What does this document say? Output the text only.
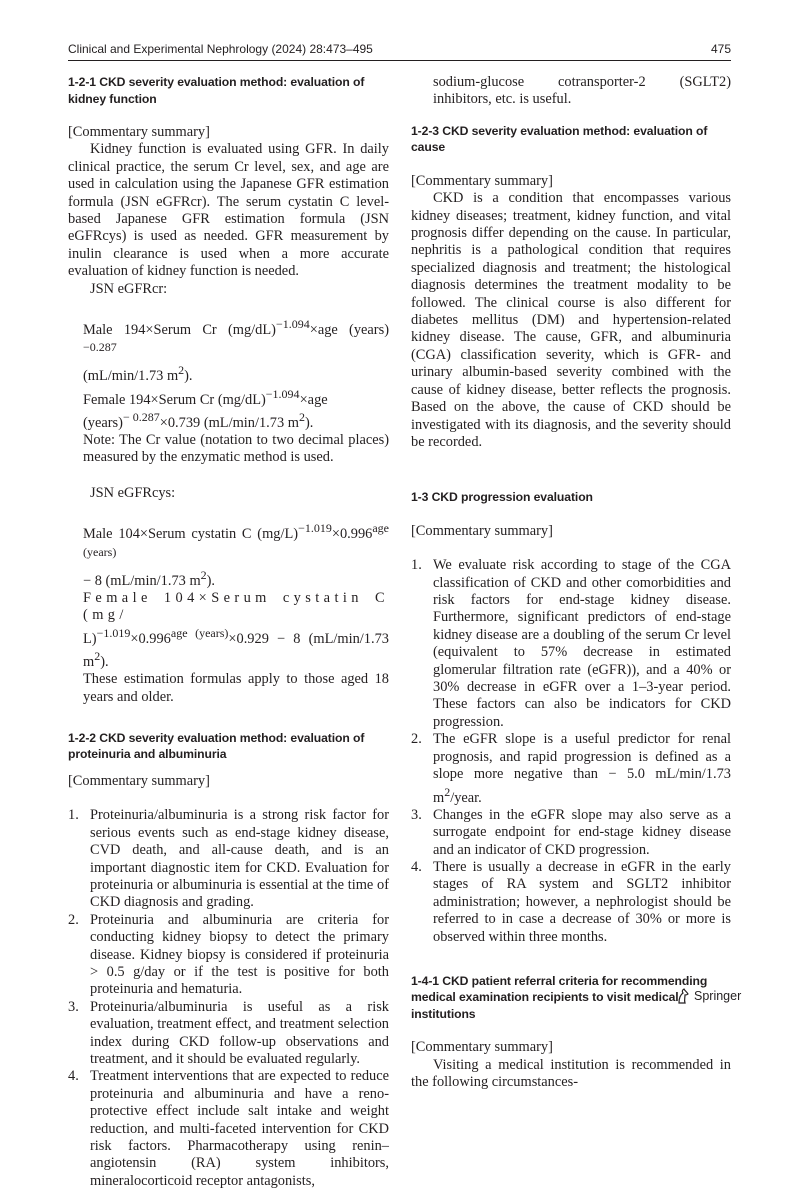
Clinical and Experimental Nephrology (2024) 28:473–495	475
1-2-1 CKD severity evaluation method: evaluation of kidney function

[Commentary summary]

Kidney function is evaluated using GFR. In daily clinical practice, the serum Cr level, sex, and age are used in calculation using the Japanese GFR estimation formula (JSN eGFRcr). The serum cystatin C level-based Japanese GFR estimation formula (JSN eGFRcys) is used as needed. GFR measurement by inulin clearance is used when a more accurate evaluation of kidney function is needed.

JSN eGFRcr:

Male 194×Serum Cr $(mg/dL)^{-1.094}\times age$ (years)$^{-0.287}$
(mL/min/1.73 $m^2$).

Female 194×Serum Cr $(mg/dL)^{-1.094}\times age$
(years)$^{- 0.287}$×0.739 (mL/min/1.73 $m^2$).

Note: The Cr value (notation to two decimal places) measured by the enzymatic method is used.

JSN eGFRcys:

Male 104×Serum cystatin C $(mg/L)^{-1.019}\times 0.996^{age (years)}$
− 8 (mL/min/1.73 $m^2$).

Female 104×Serum cystatin C (mg/
$L)^{-1.019}\times 0.996^{age (years)}\times 0.929 - 8$ (mL/min/1.73 $m^2$).

These estimation formulas apply to those aged 18 years and older.

1-2-2 CKD severity evaluation method: evaluation of proteinuria and albuminuria

[Commentary summary]

1. Proteinuria/albuminuria is a strong risk factor for serious events such as end-stage kidney disease, CVD death, and all-cause death, and is an important diagnostic item for CKD. Evaluation for proteinuria or albuminuria is essential at the time of CKD diagnosis and grading.
2. Proteinuria and albuminuria are criteria for conducting kidney biopsy to detect the primary disease. Kidney biopsy is considered if proteinuria > 0.5 g/day or if the test is positive for both proteinuria and hematuria.
3. Proteinuria/albuminuria is useful as a risk evaluation, treatment effect, and treatment selection index during CKD follow-up observations and treatment, and it should be evaluated regularly.
4. Treatment interventions that are expected to reduce proteinuria and albuminuria and have a reno-protective effect include salt intake and weight reduction, and multi-faceted intervention for CKD risk factors. Pharmacotherapy using renin–angiotensin (RA) system inhibitors, mineralocorticoid receptor antagonists,
sodium-glucose cotransporter-2 (SGLT2) inhibitors, etc. is useful.
1-2-3 CKD severity evaluation method: evaluation of cause

[Commentary summary]

CKD is a condition that encompasses various kidney diseases; treatment, kidney function, and vital prognosis differ depending on the cause. In particular, nephritis is a pathological condition that requires specialized diagnosis and treatment; the histological diagnosis determines the treatment modality to be followed. The clinical course is also different for diabetes mellitus (DM) and hypertension-related kidney disease. The cause, GFR, and albuminuria (CGA) classification severity, which is GFR- and urinary albumin-based severity combined with the cause of kidney disease, better reflects the prognosis. Based on the above, the cause of CKD should be investigated with its diagnosis, and the severity should be recorded.

1-3 CKD progression evaluation

[Commentary summary]

1. We evaluate risk according to stage of the CGA classification of CKD and other comorbidities and risk factors for end-stage kidney disease. Furthermore, significant predictors of end-stage kidney disease are a doubling of the serum Cr level (equivalent to 57% decrease in estimated glomerular filtration rate (eGFR)), and a 40% or 30% decrease in eGFR over a 1–3-year period. These factors can also be indicators for CKD progression.
2. The eGFR slope is a useful predictor for renal prognosis, and rapid progression is defined as a slope more negative than − 5.0 mL/min/1.73 $m^2$/year.
3. Changes in the eGFR slope may also serve as a surrogate endpoint for end-stage kidney disease and an indicator of CKD progression.
4. There is usually a decrease in eGFR in the early stages of RA system and SGLT2 inhibitor administration; however, a nephrologist should be referred to in case a decrease of 30% or more is observed within three months.
1-4-1 CKD patient referral criteria for recommending medical examination recipients to visit medical institutions

[Commentary summary]

Visiting a medical institution is recommended in the following circumstances-

Springer
